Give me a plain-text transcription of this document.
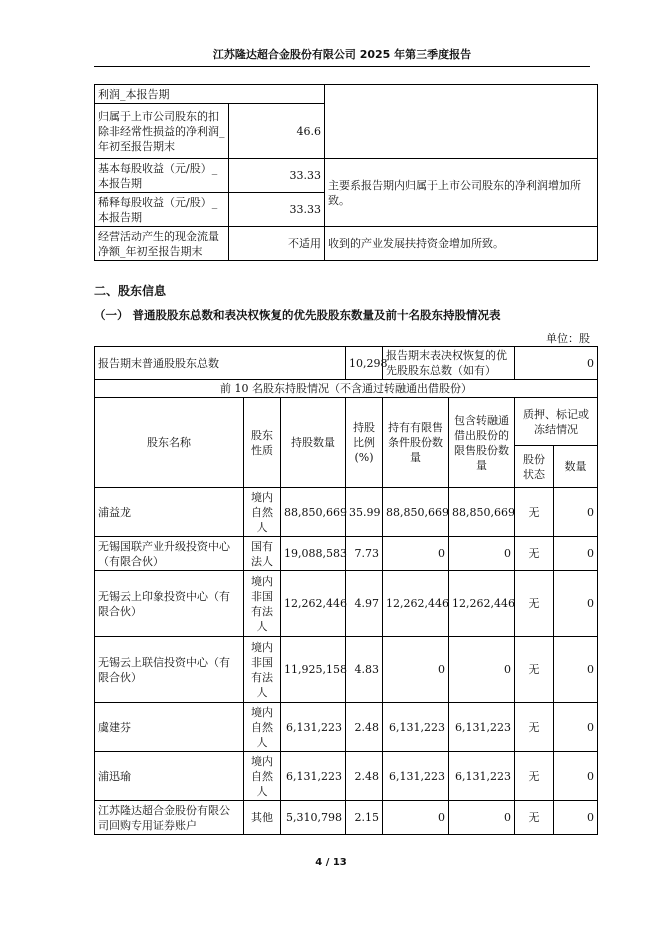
江苏隆达超合金股份有限公司 2025 年第三季度报告
利润_本报告期		
归属于上市公司股东的扣除非经常性损益的净利润_年初至报告期末	46.6	
基本每股收益（元/股）_本报告期	33.33	主要系报告期内归属于上市公司股东的净利润增加所致。
稀释每股收益（元/股）_本报告期	33.33	
经营活动产生的现金流量净额_年初至报告期末	不适用	收到的产业发展扶持资金增加所致。
二、股东信息
（一） 普通股股东总数和表决权恢复的优先股股东数量及前十名股东持股情况表
单位：股
报告期末普通股股东总数			10,298	报告期末表决权恢复的优先股股东总数（如有）		0	
前 10 名股东持股情况（不含通过转融通出借股份）							
股东名称	股东性质	持股数量	持股比例(%)	持有有限售条件股份数量	包含转融通借出股份的限售股份数量	质押、标记或冻结情况	
						股份状态	数量
浦益龙	境内自然人	88,850,669	35.99	88,850,669	88,850,669	无	0
无锡国联产业升级投资中心（有限合伙）	国有法人	19,088,583	7.73	0	0	无	0
无锡云上印象投资中心（有限合伙）	境内非国有法人	12,262,446	4.97	12,262,446	12,262,446	无	0
无锡云上联信投资中心（有限合伙）	境内非国有法人	11,925,158	4.83	0	0	无	0
虞建芬	境内自然人	6,131,223	2.48	6,131,223	6,131,223	无	0
浦迅瑜	境内自然人	6,131,223	2.48	6,131,223	6,131,223	无	0
江苏隆达超合金股份有限公司回购专用证券账户	其他	5,310,798	2.15	0	0	无	0
4 / 13
